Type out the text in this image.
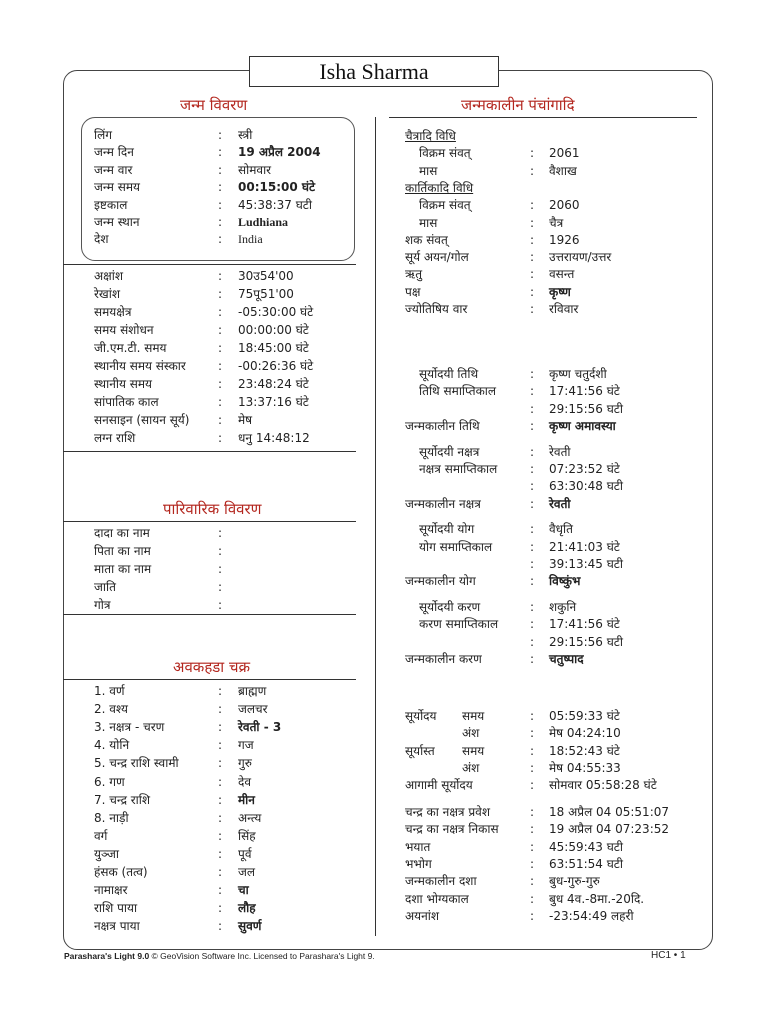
Isha Sharma
जन्म विवरण
लिंग	: स्त्री
जन्म दिन	: 19 अप्रैल 2004
जन्म वार	: सोमवार
जन्म समय	: 00:15:00 घंटे
इष्टकाल	: 45:38:37 घटी
जन्म स्थान	: Ludhiana
देश	: India
अक्षांश	: 30उ54'00
रेखांश	: 75पू51'00
समयक्षेत्र	: -05:30:00 घंटे
समय संशोधन	: 00:00:00 घंटे
जी.एम.टी. समय	: 18:45:00 घंटे
स्थानीय समय संस्कार	: -00:26:36 घंटे
स्थानीय समय	: 23:48:24 घंटे
सांपातिक काल	: 13:37:16 घंटे
सनसाइन (सायन सूर्य) : मेष
लग्न राशि	: धनु 14:48:12
पारिवारिक विवरण
दादा का नाम	:
पिता का नाम	:
माता का नाम	:
जाति	:
गोत्र	:
अवकहडा चक्र
1. वर्ण	: ब्राह्मण
2. वश्य	: जलचर
3. नक्षत्र - चरण	: रेवती - 3
4. योनि	: गज
5. चन्द्र राशि स्वामी	: गुरु
6. गण	: देव
7. चन्द्र राशि	: मीन
8. नाड़ी	: अन्त्य
वर्ग	: सिंह
युञ्जा	: पूर्व
हंसक (तत्व)	: जल
नामाक्षर	: चा
राशि पाया	: लौह
नक्षत्र पाया	: सुवर्ण
जन्मकालीन पंचांगादि
चैत्रादि विधि
विक्रम संवत्	: 2061
मास	: वैशाख
कार्तिकादि विधि
विक्रम संवत्	: 2060
मास	: चैत्र
शक संवत्	: 1926
सूर्य अयन/गोल	: उत्तरायण/उत्तर
ऋतु	: वसन्त
पक्ष	: कृष्ण
ज्योतिषिय वार	: रविवार
सूर्योदयी तिथि	: कृष्ण चतुर्दशी
तिथि समाप्तिकाल	: 17:41:56 घंटे
: 29:15:56 घटी
जन्मकालीन तिथि	: कृष्ण अमावस्या
सूर्योदयी नक्षत्र	: रेवती
नक्षत्र समाप्तिकाल	: 07:23:52 घंटे
: 63:30:48 घटी
जन्मकालीन नक्षत्र	: रेवती
सूर्योदयी योग	: वैधृति
योग समाप्तिकाल	: 21:41:03 घंटे
: 39:13:45 घटी
जन्मकालीन योग	: विष्कुंभ
सूर्योदयी करण	: शकुनि
करण समाप्तिकाल	: 17:41:56 घंटे
: 29:15:56 घटी
जन्मकालीन करण	: चतुष्पाद
सूर्योदय समय	: 05:59:33 घंटे
अंश	: मेष 04:24:10
सूर्यास्त समय	: 18:52:43 घंटे
अंश	: मेष 04:55:33
आगामी सूर्योदय	: सोमवार 05:58:28 घंटे
चन्द्र का नक्षत्र प्रवेश	: 18 अप्रैल 04 05:51:07
चन्द्र का नक्षत्र निकास	: 19 अप्रैल 04 07:23:52
भयात	: 45:59:43 घटी
भभोग	: 63:51:54 घटी
जन्मकालीन दशा	: बुध-गुरु-गुरु
दशा भोग्यकाल	: बुध 4व.-8मा.-20दि.
अयनांश	: -23:54:49 लहरी
Parashara's Light 9.0 © GeoVision Software Inc. Licensed to Parashara's Light 9.	HC1 • 1
